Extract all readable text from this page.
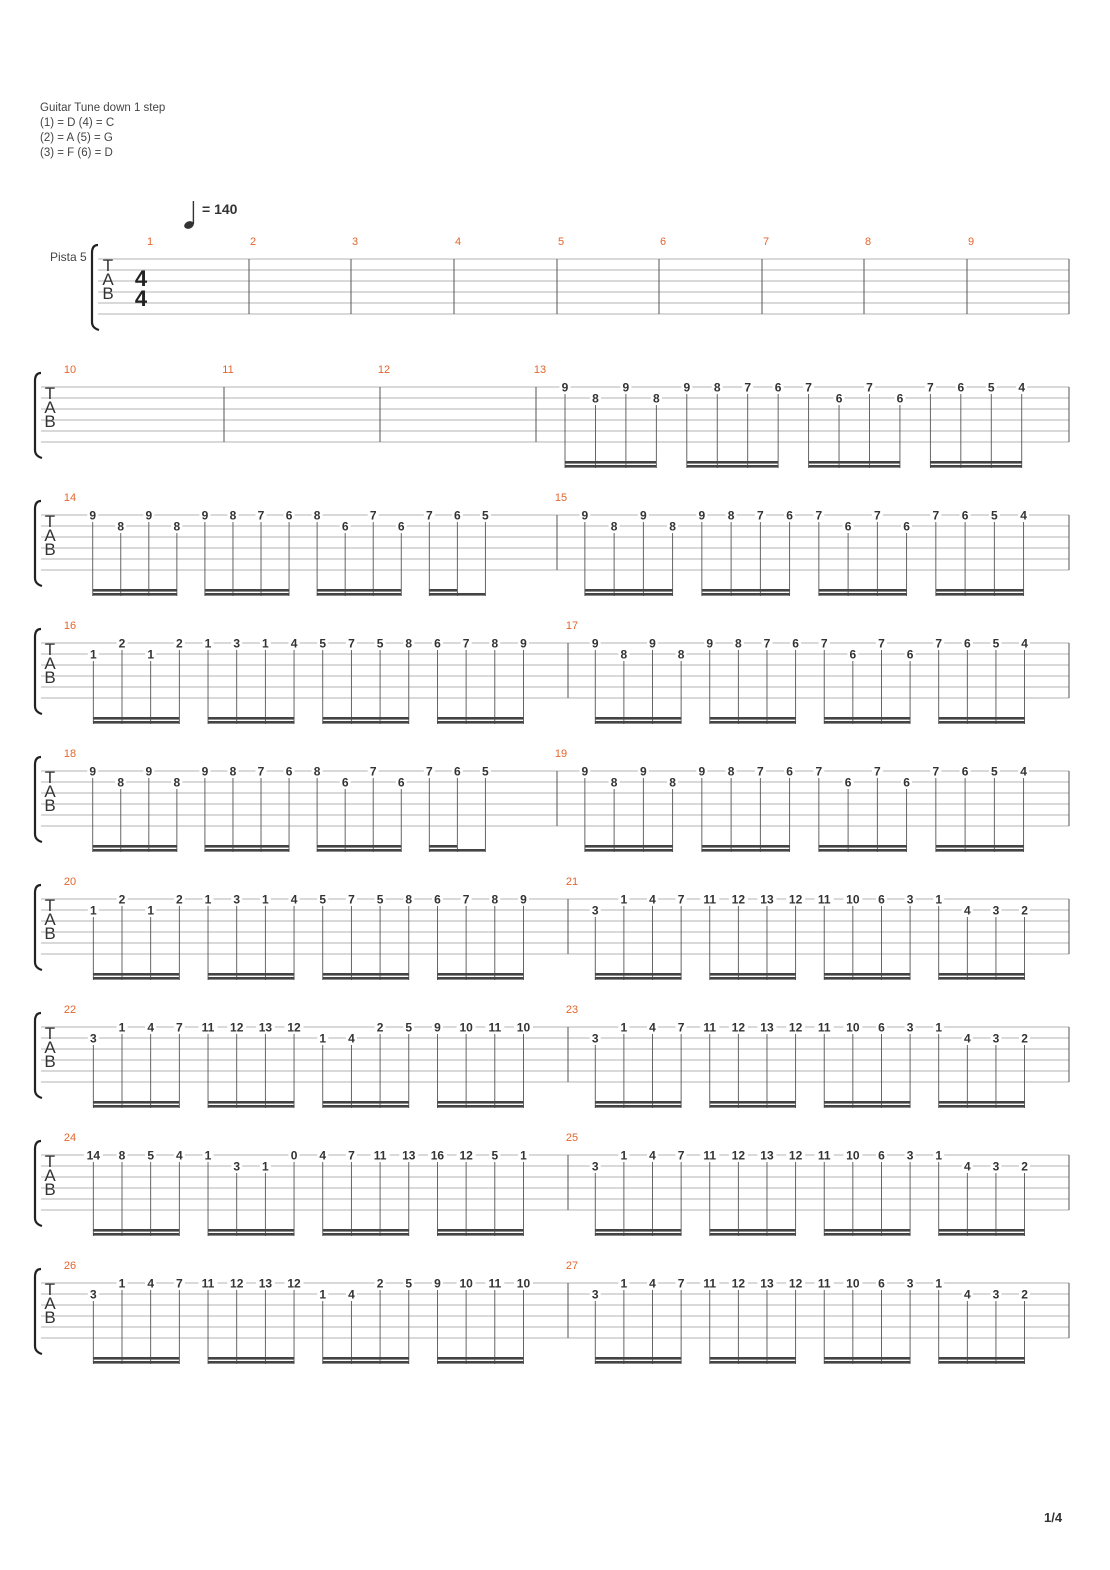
Guitar Tune down 1 step
(1) = D (4) = C
(2) = A (5) = G
(3) = F (6) = D
= 140
Pista 5 T
A
B
4
4
1	2	3	4	5	6	7	8	9
T
A
B
10	11	12	13
9
8
9
8
9 8 7 6 7
6
7
6
7 6 5 4
T
A
B
14
9
8
9
8
9 8 7 6 8
6
7
6
7 6 5
15
9
8
9
8
9 8 7 6 7
6
7
6
7 6 5 4
T
A
B
16
1
2
1
2 1 3 1 4 5 7 5 8 6 7 8 9
17
9
8
9
8
9 8 7 6 7
6
7
6
7 6 5 4
T
A
B
18
9
8
9
8
9 8 7 6 8
6
7
6
7 6 5
19
9
8
9
8
9 8 7 6 7
6
7
6
7 6 5 4
T
A
B
20
1
2
1
2 1 3 1 4 5 7 5 8 6 7 8 9
21
3
1 4 7 11 12 13 12 11 10 6 3 1
4 3 2
T
A
B
22
3
1 4 7 11 12 13 12
1 4
2 5 9 10 11 10
23
3
1 4 7 11 12 13 12 11 10 6 3 1
4 3 2
T
A
B
24
14 8 5 4 1
3 1
0 4 7 11 13 16 12 5 1
25
3
1 4 7 11 12 13 12 11 10 6 3 1
4 3 2
T
A
B
26
3
1 4 7 11 12 13 12
1 4
2 5 9 10 11 10
27
3
1 4 7 11 12 13 12 11 10 6 3 1
4 3 2
1/4
